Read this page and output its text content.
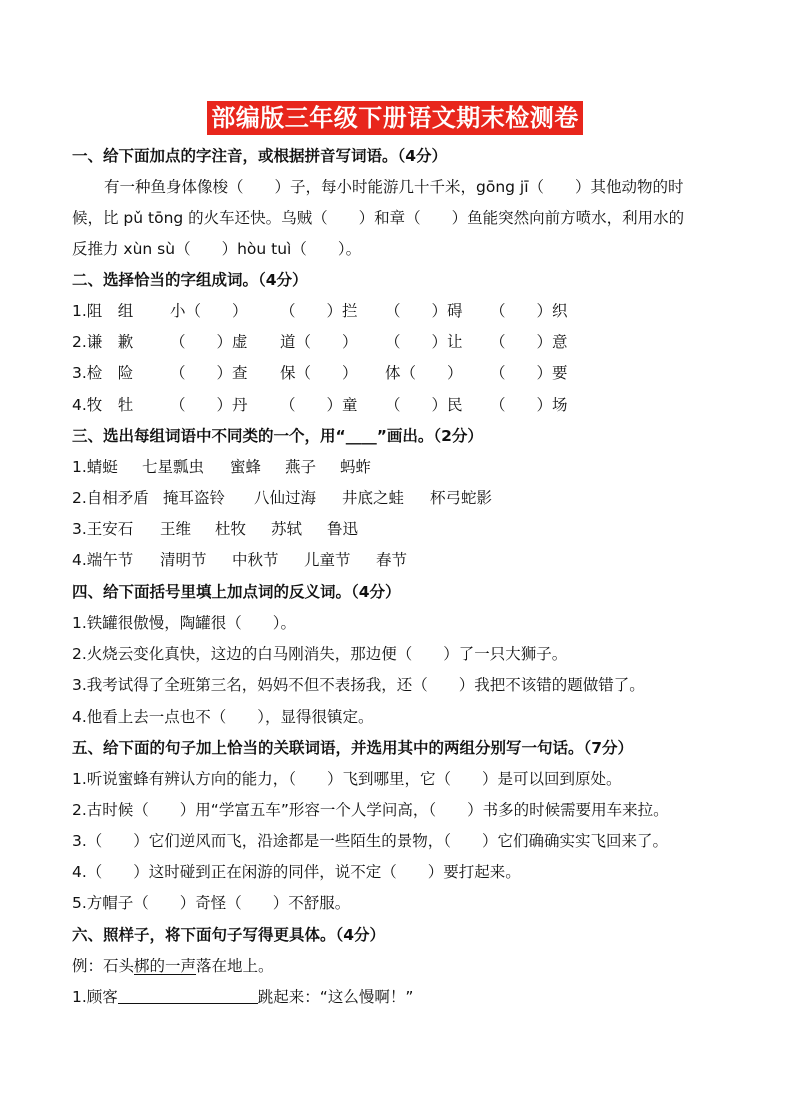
部编版三年级下册语文期末检测卷
一、给下面加点的字注音，或根据拼音写词语。（4分）
有一种鱼身体像梭（　　）子，每小时能游几十千米，gōng jī（　　）其他动物的时
候，比 pǔ tōng 的火车还快。乌贼（　　）和章（　　）鱼能突然向前方喷水，利用水的
反推力 xùn sù（　　）hòu tuì（　　）。
二、选择恰当的字组成词。（4分）
1.阻　组 小（　　） （　　）拦 （　　）碍 （　　）织
2.谦　歉 （　　）虚 道（　　） （　　）让 （　　）意
3.检　险 （　　）查 保（　　） 体（　　） （　　）要
4.牧　牡 （　　）丹 （　　）童 （　　）民 （　　）场
三、选出每组词语中不同类的一个，用“____”画出。（2分）
1.蜻蜓 七星瓢虫 蜜蜂 燕子 蚂蚱
2.自相矛盾 掩耳盗铃 八仙过海 井底之蛙 杯弓蛇影
3.王安石 王维 杜牧 苏轼 鲁迅
4.端午节 清明节 中秋节 儿童节 春节
四、给下面括号里填上加点词的反义词。（4分）
1.铁罐很傲慢，陶罐很（　　）。
2.火烧云变化真快，这边的白马刚消失，那边便（　　）了一只大狮子。
3.我考试得了全班第三名，妈妈不但不表扬我，还（　　）我把不该错的题做错了。
4.他看上去一点也不（　　），显得很镇定。
五、给下面的句子加上恰当的关联词语，并选用其中的两组分别写一句话。（7分）
1.听说蜜蜂有辨认方向的能力，（　　）飞到哪里，它（　　）是可以回到原处。
2.古时候（　　）用“学富五车”形容一个人学问高，（　　）书多的时候需要用车来拉。
3.（　　）它们逆风而飞，沿途都是一些陌生的景物，（　　）它们确确实实飞回来了。
4.（　　）这时碰到正在闲游的同伴，说不定（　　）要打起来。
5.方帽子（　　）奇怪（　　）不舒服。
六、照样子，将下面句子写得更具体。（4分）
例：石头梆的一声落在地上。
1.顾客	跳起来：“这么慢啊！”
